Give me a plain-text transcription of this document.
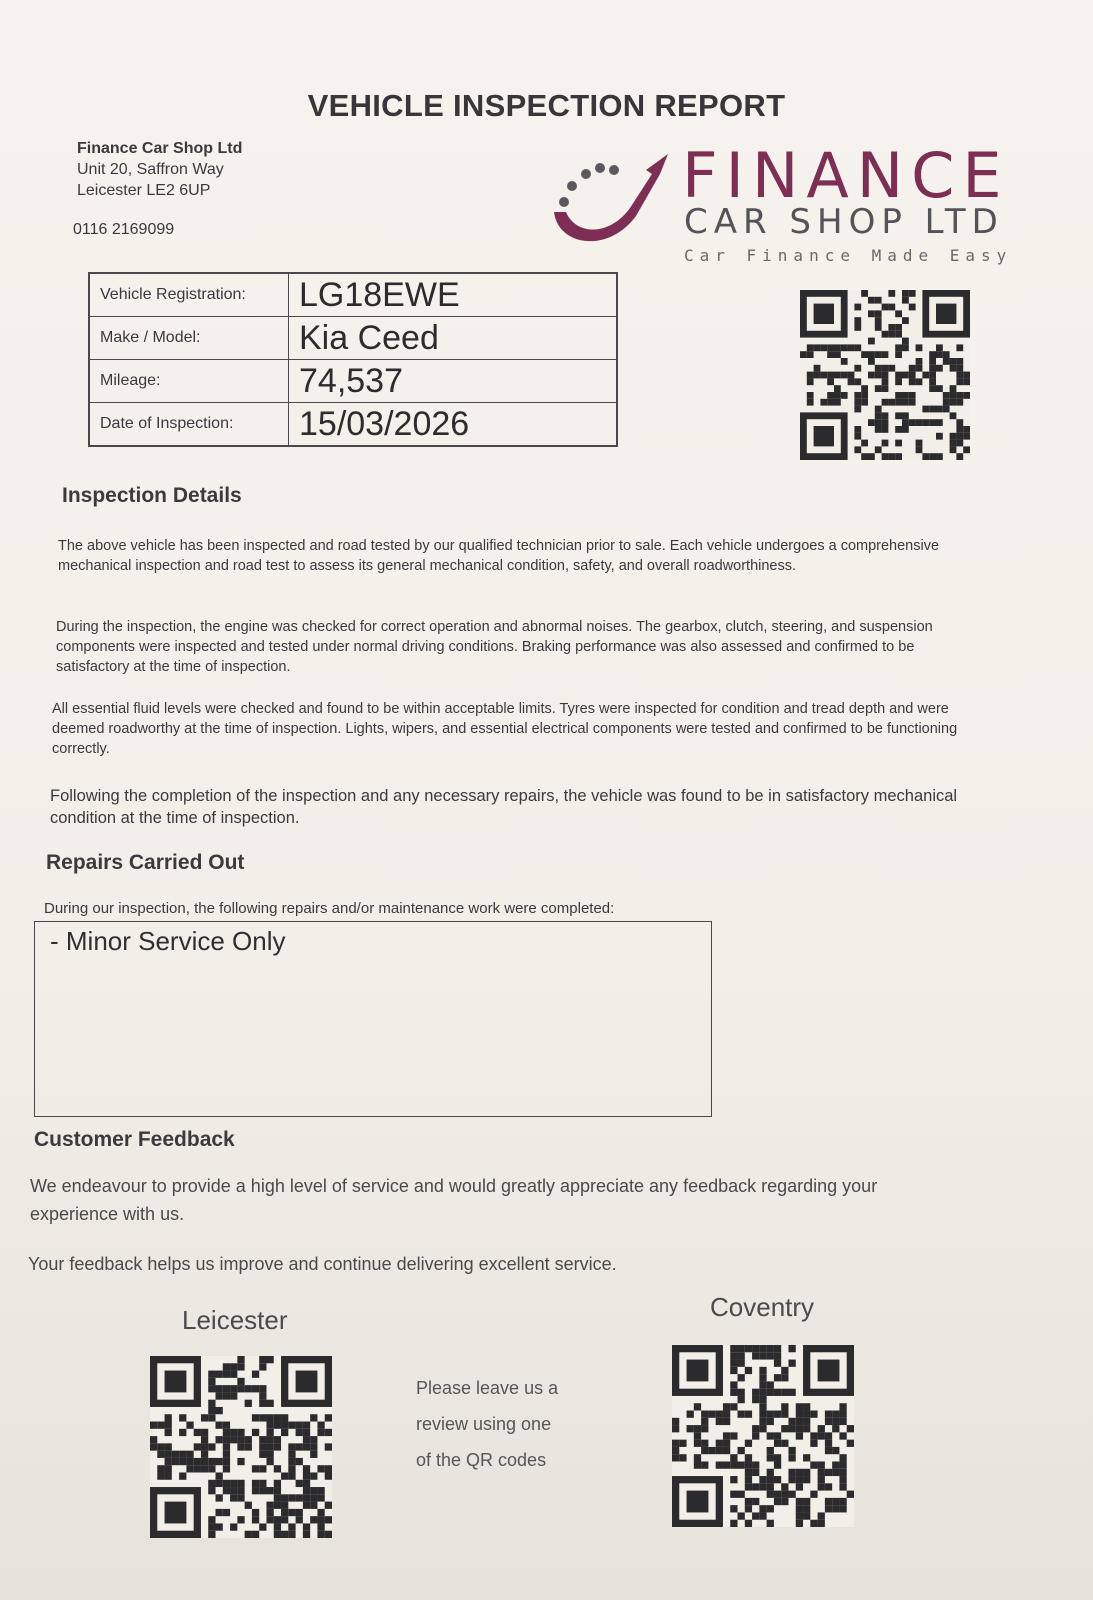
VEHICLE INSPECTION REPORT
Finance Car Shop Ltd
Unit 20, Saffron Way
Leicester LE2 6UP
0116 2169099
FINANCE
CAR SHOP LTD
Car Finance Made Easy
Vehicle Registration:	LG18EWE
Make / Model:	Kia Ceed
Mileage:	74,537
Date of Inspection:	15/03/2026
Inspection Details
The above vehicle has been inspected and road tested by our qualified technician prior to sale. Each vehicle undergoes a comprehensive mechanical inspection and road test to assess its general mechanical condition, safety, and overall roadworthiness.
During the inspection, the engine was checked for correct operation and abnormal noises. The gearbox, clutch, steering, and suspension components were inspected and tested under normal driving conditions. Braking performance was also assessed and confirmed to be satisfactory at the time of inspection.
All essential fluid levels were checked and found to be within acceptable limits. Tyres were inspected for condition and tread depth and were deemed roadworthy at the time of inspection. Lights, wipers, and essential electrical components were tested and confirmed to be functioning correctly.
Following the completion of the inspection and any necessary repairs, the vehicle was found to be in satisfactory mechanical condition at the time of inspection.
Repairs Carried Out
During our inspection, the following repairs and/or maintenance work were completed:
- Minor Service Only
Customer Feedback
We endeavour to provide a high level of service and would greatly appreciate any feedback regarding your experience with us.
Your feedback helps us improve and continue delivering excellent service.
Leicester	Coventry
Please leave us a
review using one
of the QR codes
